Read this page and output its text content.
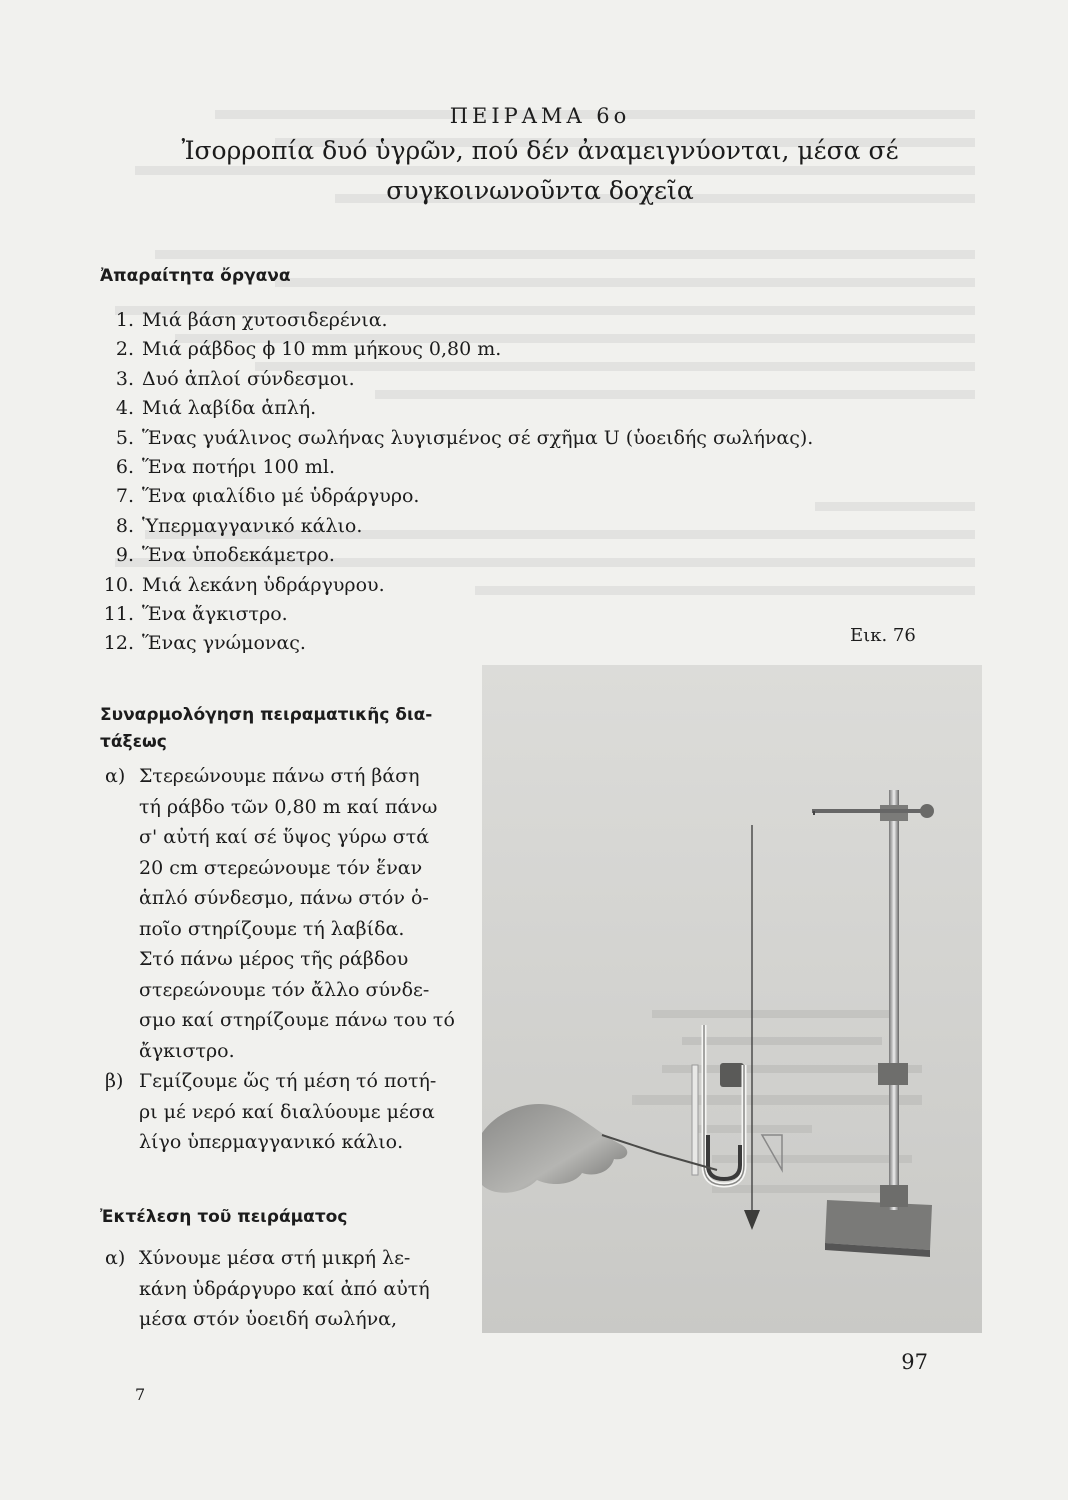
ΠΕΙΡΑΜΑ 6ο
Ἰσορροπία δυό ὑγρῶν, πού δέν ἀναμειγνύονται, μέσα σέ
συγκοινωνοῦντα δοχεῖα
Ἀπαραίτητα ὄργανα
1. Μιά βάση χυτοσιδερένια.
2. Μιά ράβδος ϕ 10 mm μήκους 0,80 m.
3. Δυό ἁπλοί σύνδεσμοι.
4. Μιά λαβίδα ἁπλή.
5. Ἕνας γυάλινος σωλήνας λυγισμένος σέ σχῆμα U (ὑοειδής σωλήνας).
6. Ἕνα ποτήρι 100 ml.
7. Ἕνα φιαλίδιο μέ ὑδράργυρο.
8. Ὑπερμαγγανικό κάλιο.
9. Ἕνα ὑποδεκάμετρο.
10. Μιά λεκάνη ὑδράργυρου.
11. Ἕνα ἄγκιστρο.
12. Ἕνας γνώμονας.	Εικ. 76
Συναρμολόγηση πειραματικῆς δια-
τάξεως
α) Στερεώνουμε πάνω στή βάση
τή ράβδο τῶν 0,80 m καί πάνω
σ' αὐτή καί σέ ὕψος γύρω στά
20 cm στερεώνουμε τόν ἕναν
ἁπλό σύνδεσμο, πάνω στόν ὁ-
ποῖο στηρίζουμε τή λαβίδα.
Στό πάνω μέρος τῆς ράβδου
στερεώνουμε τόν ἄλλο σύνδε-
σμο καί στηρίζουμε πάνω του τό
ἄγκιστρο.
β) Γεμίζουμε ὥς τή μέση τό ποτή-
ρι μέ νερό καί διαλύουμε μέσα
λίγο ὑπερμαγγανικό κάλιο.
Ἐκτέλεση τοῦ πειράματος
α) Χύνουμε μέσα στή μικρή λε-
κάνη ὑδράργυρο καί ἀπό αὐτή
μέσα στόν ὑοειδή σωλήνα,
97
7
